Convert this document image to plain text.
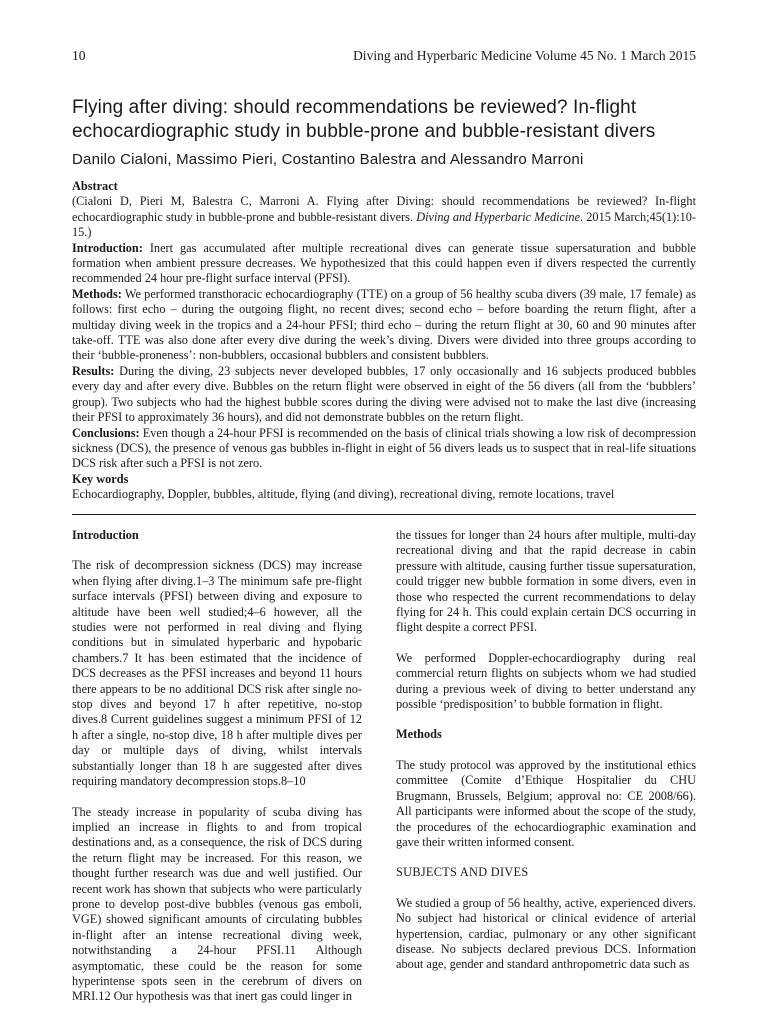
10	Diving and Hyperbaric Medicine Volume 45 No. 1 March 2015
Flying after diving: should recommendations be reviewed? In-flight
echocardiographic study in bubble-prone and bubble-resistant divers
Danilo Cialoni, Massimo Pieri, Costantino Balestra and Alessandro Marroni

Abstract

(Cialoni D, Pieri M, Balestra C, Marroni A. Flying after Diving: should recommendations be reviewed? In-flight echocardiographic study in bubble-prone and bubble-resistant divers. Diving and Hyperbaric Medicine. 2015 March;45(1):10-15.)

Introduction: Inert gas accumulated after multiple recreational dives can generate tissue supersaturation and bubble formation when ambient pressure decreases. We hypothesized that this could happen even if divers respected the currently recommended 24 hour pre-flight surface interval (PFSI).

Methods: We performed transthoracic echocardiography (TTE) on a group of 56 healthy scuba divers (39 male, 17 female) as follows: first echo – during the outgoing flight, no recent dives; second echo – before boarding the return flight, after a multiday diving week in the tropics and a 24-hour PFSI; third echo – during the return flight at 30, 60 and 90 minutes after take-off. TTE was also done after every dive during the week’s diving. Divers were divided into three groups according to their ‘bubble-proneness’: non-bubblers, occasional bubblers and consistent bubblers.

Results: During the diving, 23 subjects never developed bubbles, 17 only occasionally and 16 subjects produced bubbles every day and after every dive. Bubbles on the return flight were observed in eight of the 56 divers (all from the ‘bubblers’ group). Two subjects who had the highest bubble scores during the diving were advised not to make the last dive (increasing their PFSI to approximately 36 hours), and did not demonstrate bubbles on the return flight.

Conclusions: Even though a 24-hour PFSI is recommended on the basis of clinical trials showing a low risk of decompression sickness (DCS), the presence of venous gas bubbles in-flight in eight of 56 divers leads us to suspect that in real-life situations DCS risk after such a PFSI is not zero.

Key words
Echocardiography, Doppler, bubbles, altitude, flying (and diving), recreational diving, remote locations, travel

Introduction

The risk of decompression sickness (DCS) may increase when flying after diving.1–3 The minimum safe pre-flight surface intervals (PFSI) between diving and exposure to altitude have been well studied;4–6 however, all the studies were not performed in real diving and flying conditions but in simulated hyperbaric and hypobaric chambers.7 It has been estimated that the incidence of DCS decreases as the PFSI increases and beyond 11 hours there appears to be no additional DCS risk after single no-stop dives and beyond 17 h after repetitive, no-stop dives.8 Current guidelines suggest a minimum PFSI of 12 h after a single, no-stop dive, 18 h after multiple dives per day or multiple days of diving, whilst intervals substantially longer than 18 h are suggested after dives requiring mandatory decompression stops.8–10

The steady increase in popularity of scuba diving has implied an increase in flights to and from tropical destinations and, as a consequence, the risk of DCS during the return flight may be increased. For this reason, we thought further research was due and well justified. Our recent work has shown that subjects who were particularly prone to develop post-dive bubbles (venous gas emboli, VGE) showed significant amounts of circulating bubbles in-flight after an intense recreational diving week, notwithstanding a 24-hour PFSI.11 Although asymptomatic, these could be the reason for some hyperintense spots seen in the cerebrum of divers on MRI.12 Our hypothesis was that inert gas could linger in

the tissues for longer than 24 hours after multiple, multi-day recreational diving and that the rapid decrease in cabin pressure with altitude, causing further tissue supersaturation, could trigger new bubble formation in some divers, even in those who respected the current recommendations to delay flying for 24 h. This could explain certain DCS occurring in flight despite a correct PFSI.

We performed Doppler-echocardiography during real commercial return flights on subjects whom we had studied during a previous week of diving to better understand any possible ‘predisposition’ to bubble formation in flight.

Methods

The study protocol was approved by the institutional ethics committee (Comite d’Ethique Hospitalier du CHU Brugmann, Brussels, Belgium; approval no: CE 2008/66). All participants were informed about the scope of the study, the procedures of the echocardiographic examination and gave their written informed consent.

SUBJECTS AND DIVES

We studied a group of 56 healthy, active, experienced divers. No subject had historical or clinical evidence of arterial hypertension, cardiac, pulmonary or any other significant disease. No subjects declared previous DCS. Information about age, gender and standard anthropometric data such as
